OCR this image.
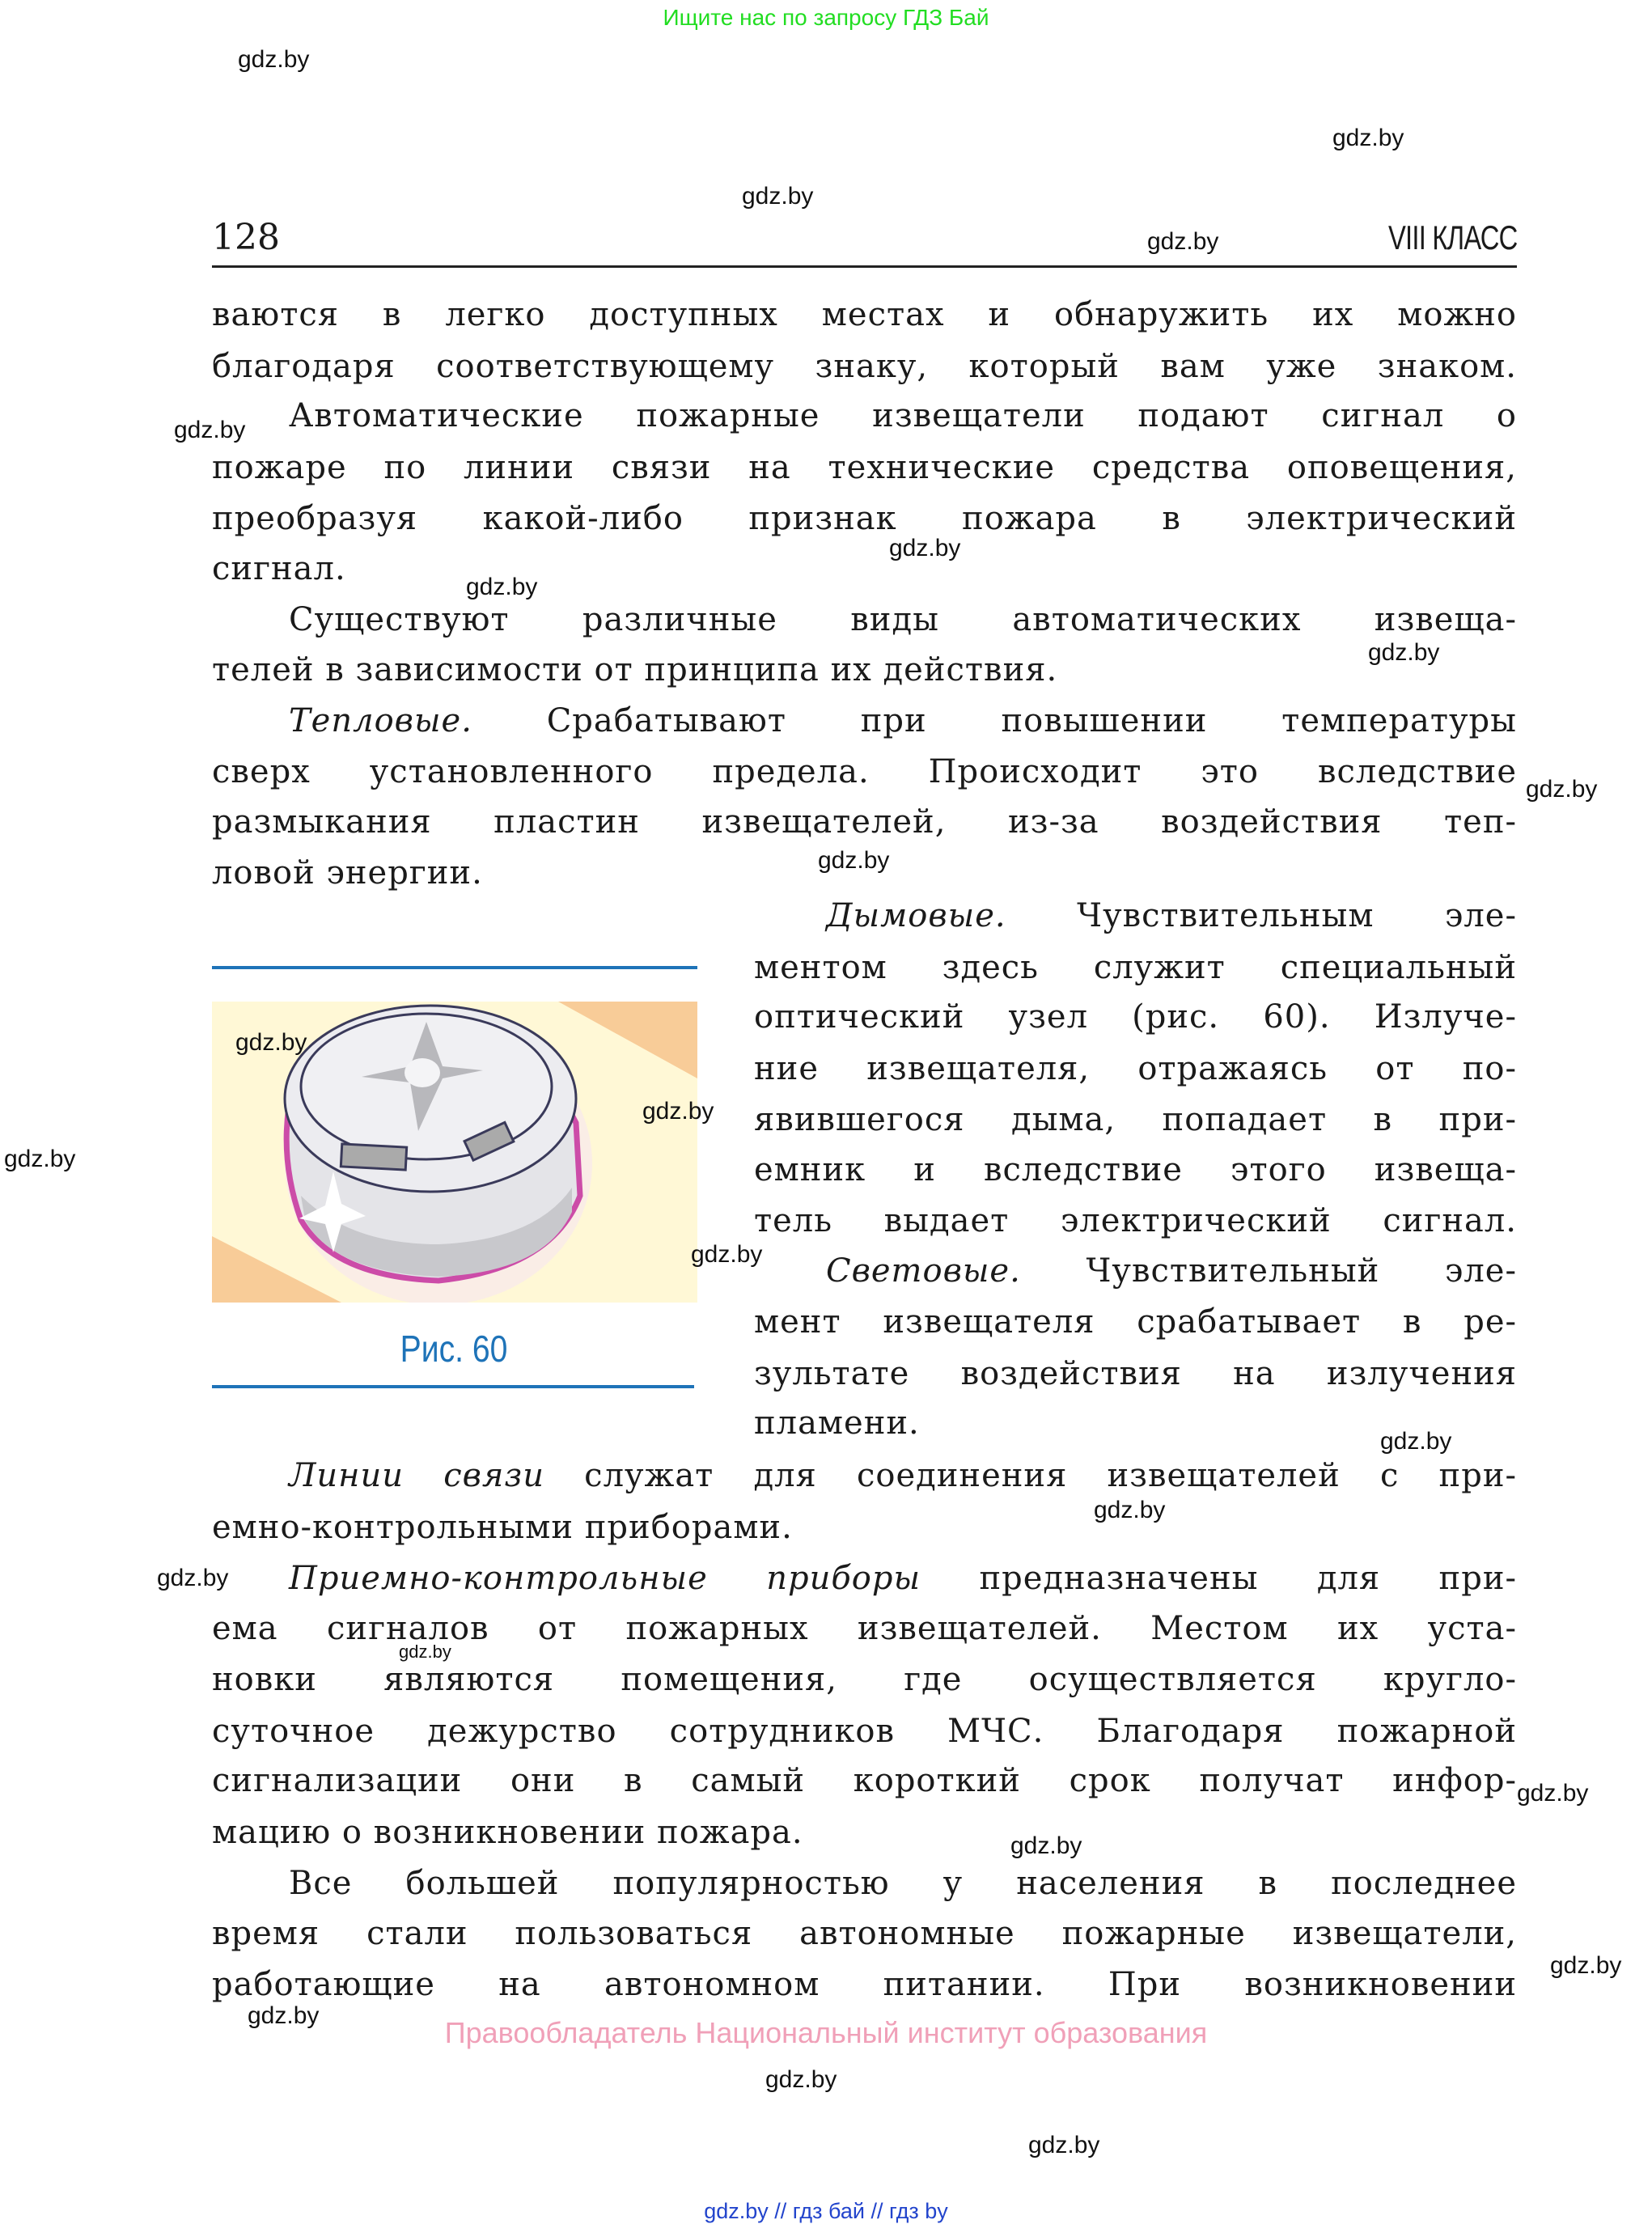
Ищите нас по запросу ГДЗ Бай
128	VIII КЛАСС
ваются в легко доступных местах и обнаружить их можно
благодаря соответствующему знаку, который вам уже знаком.
Автоматические пожарные извещатели подают сигнал о
пожаре по линии связи на технические средства оповещения,
преобразуя какой-либо признак пожара в электрический
сигнал.
Существуют различные виды автоматических извеща-
телей в зависимости от принципа их действия.
Тепловые. Срабатывают при повышении температуры
сверх установленного предела. Происходит это вследствие
размыкания пластин извещателей, из-за воздействия теп-
ловой энергии.
Дымовые. Чувствительным эле-
ментом здесь служит специальный
оптический узел (рис. 60). Излуче-
ние извещателя, отражаясь от по-
явившегося дыма, попадает в при-
емник и вследствие этого извеща-
тель выдает электрический сигнал.
Световые. Чувствительный эле-
мент извещателя срабатывает в ре-
зультате воздействия на излучения
пламени.
Линии связи служат для соединения извещателей с при-
емно-контрольными приборами.
Приемно-контрольные приборы предназначены для при-
ема сигналов от пожарных извещателей. Местом их уста-
новки являются помещения, где осуществляется кругло-
суточное дежурство сотрудников МЧС. Благодаря пожарной
сигнализации они в самый короткий срок получат инфор-
мацию о возникновении пожара.
Все большей популярностью у населения в последнее
время стали пользоваться автономные пожарные извещатели,
работающие на автономном питании. При возникновении
Рис. 60
Правообладатель Национальный институт образования
gdz.by // гдз бай // гдз by
gdz.by
gdz.by
gdz.by
gdz.by
gdz.by
gdz.by
gdz.by
gdz.by
gdz.by
gdz.by
gdz.by
gdz.by
gdz.by
gdz.by
gdz.by
gdz.by
gdz.by
gdz.by
gdz.by
gdz.by
gdz.by
gdz.by
gdz.by
gdz.by
